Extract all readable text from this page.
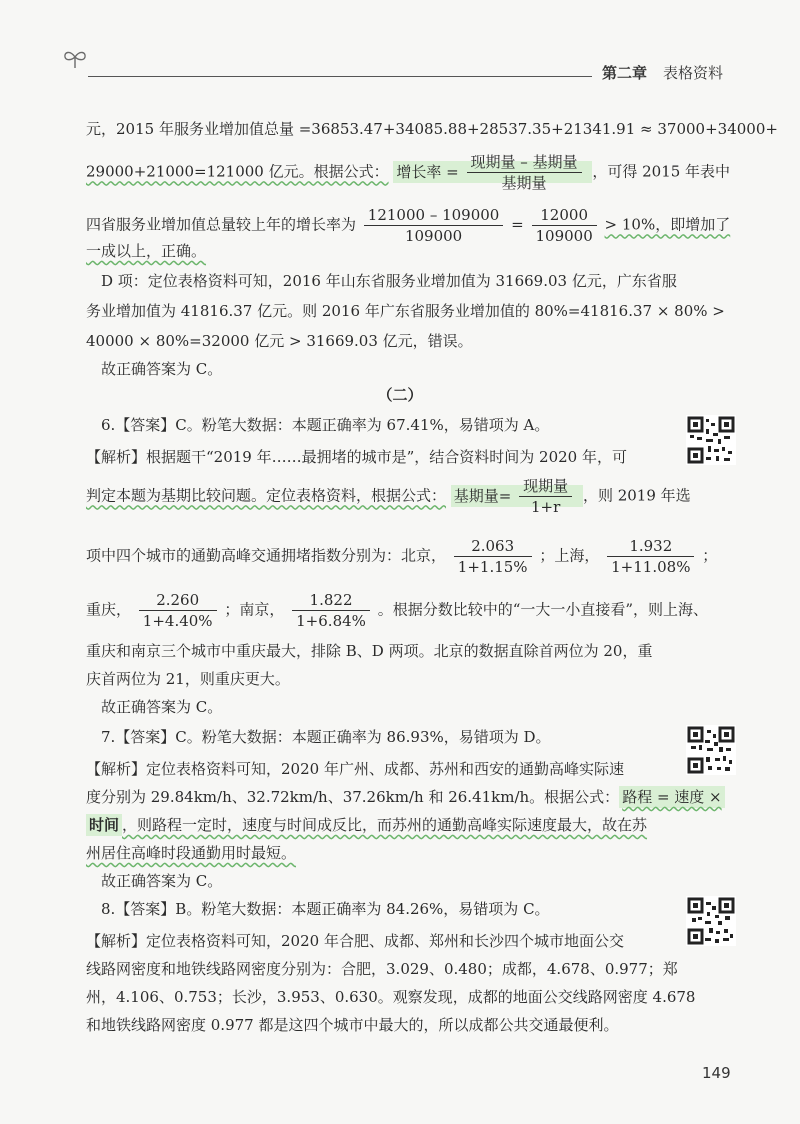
第二章 表格资料
元，2015 年服务业增加值总量 =36853.47+34085.88+28537.35+21341.91 ≈ 37000+34000+
29000+21000=121000 亿元。根据公式： 增长率 = $\frac{\text{现期量 – 基期量}}{\text{基期量}}$ ，可得 2015 年表中
四省服务业增加值总量较上年的增长率为 $\frac{121000 - 109000}{109000} = \frac{12000}{109000} > 10\%$，即增加了
一成以上，正确。
D 项：定位表格资料可知，2016 年山东省服务业增加值为 31669.03 亿元，广东省服
务业增加值为 41816.37 亿元。则 2016 年广东省服务业增加值的 80%=41816.37 × 80% >
40000 × 80%=32000 亿元 > 31669.03 亿元，错误。
故正确答案为 C。
（二）
6.【答案】C。粉笔大数据：本题正确率为 67.41%，易错项为 A。
【解析】根据题干“2019 年……最拥堵的城市是”，结合资料时间为 2020 年，可
判定本题为基期比较问题。定位表格资料，根据公式： 基期量= $\frac{\text{现期量}}{1+r}$ ，则 2019 年选
项中四个城市的通勤高峰交通拥堵指数分别为：北京， $\frac{2.063}{1+1.15\%}$ ；上海， $\frac{1.932}{1+11.08\%}$ ；
重庆， $\frac{2.260}{1+4.40\%}$ ；南京， $\frac{1.822}{1+6.84\%}$ 。根据分数比较中的“一大一小直接看”，则上海、
重庆和南京三个城市中重庆最大，排除 B、D 两项。北京的数据直除首两位为 20，重
庆首两位为 21，则重庆更大。
故正确答案为 C。
7.【答案】C。粉笔大数据：本题正确率为 86.93%，易错项为 D。
【解析】定位表格资料可知，2020 年广州、成都、苏州和西安的通勤高峰实际速
度分别为 29.84km/h、32.72km/h、37.26km/h 和 26.41km/h。根据公式： 路程 = 速度 ×
时间 ，则路程一定时，速度与时间成反比，而苏州的通勤高峰实际速度最大，故在苏
州居住高峰时段通勤用时最短。
故正确答案为 C。
8.【答案】B。粉笔大数据：本题正确率为 84.26%，易错项为 C。
【解析】定位表格资料可知，2020 年合肥、成都、郑州和长沙四个城市地面公交
线路网密度和地铁线路网密度分别为：合肥，3.029、0.480；成都，4.678、0.977；郑
州，4.106、0.753；长沙，3.953、0.630。观察发现，成都的地面公交线路网密度 4.678
和地铁线路网密度 0.977 都是这四个城市中最大的，所以成都公共交通最便利。
149
